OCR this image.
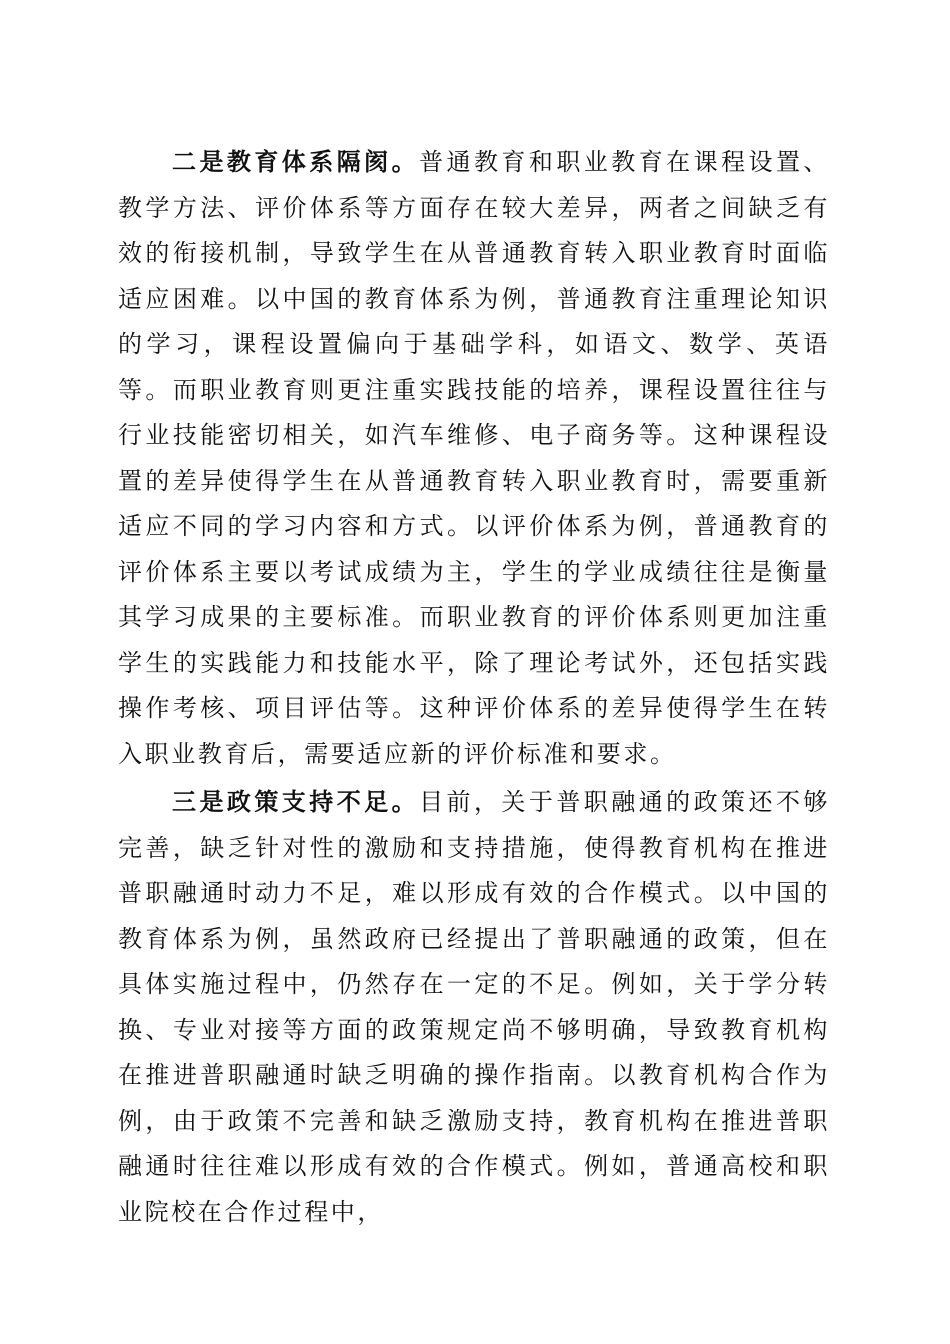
二是教育体系隔阂。普通教育和职业教育在课程设置、教学方法、评价体系等方面存在较大差异，两者之间缺乏有效的衔接机制，导致学生在从普通教育转入职业教育时面临适应困难。以中国的教育体系为例，普通教育注重理论知识的学习，课程设置偏向于基础学科，如语文、数学、英语等。而职业教育则更注重实践技能的培养，课程设置往往与行业技能密切相关，如汽车维修、电子商务等。这种课程设置的差异使得学生在从普通教育转入职业教育时，需要重新适应不同的学习内容和方式。以评价体系为例，普通教育的评价体系主要以考试成绩为主，学生的学业成绩往往是衡量其学习成果的主要标准。而职业教育的评价体系则更加注重学生的实践能力和技能水平，除了理论考试外，还包括实践操作考核、项目评估等。这种评价体系的差异使得学生在转入职业教育后，需要适应新的评价标准和要求。

三是政策支持不足。目前，关于普职融通的政策还不够完善，缺乏针对性的激励和支持措施，使得教育机构在推进普职融通时动力不足，难以形成有效的合作模式。以中国的教育体系为例，虽然政府已经提出了普职融通的政策，但在具体实施过程中，仍然存在一定的不足。例如，关于学分转换、专业对接等方面的政策规定尚不够明确，导致教育机构在推进普职融通时缺乏明确的操作指南。以教育机构合作为例，由于政策不完善和缺乏激励支持，教育机构在推进普职融通时往往难以形成有效的合作模式。例如，普通高校和职业院校在合作过程中，
